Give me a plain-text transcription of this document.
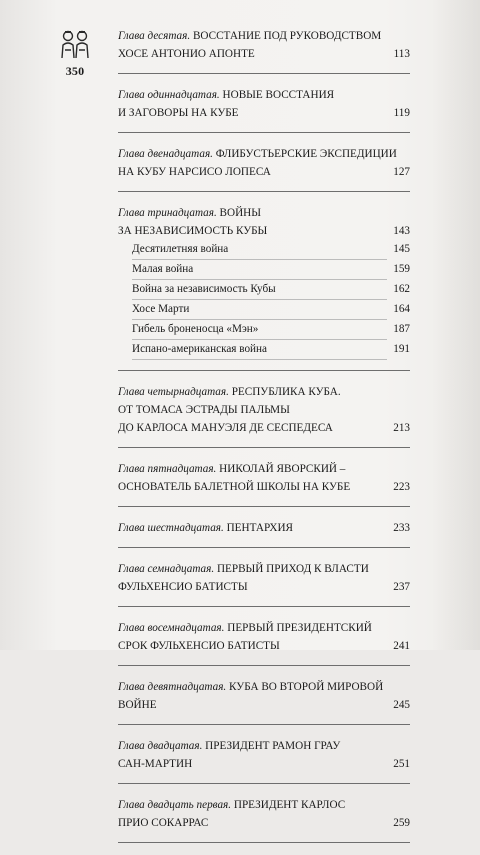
350
Глава десятая. ВОССТАНИЕ ПОД РУКОВОДСТВОМ
ХОСЕ АНТОНИО АПОНТЕ	113
Глава одиннадцатая. НОВЫЕ ВОССТАНИЯ
И ЗАГОВОРЫ НА КУБЕ	119
Глава двенадцатая. ФЛИБУСТЬЕРСКИЕ ЭКСПЕДИЦИИ
НА КУБУ НАРСИСО ЛОПЕСА	127
Глава тринадцатая. ВОЙНЫ
ЗА НЕЗАВИСИМОСТЬ КУБЫ	143
Десятилетняя война	145
Малая война	159
Война за независимость Кубы	162
Хосе Марти	164
Гибель броненосца «Мэн»	187
Испано-американская война	191
Глава четырнадцатая. РЕСПУБЛИКА КУБА.
ОТ ТОМАСА ЭСТРАДЫ ПАЛЬМЫ
ДО КАРЛОСА МАНУЭЛЯ ДЕ СЕСПЕДЕСА	213
Глава пятнадцатая. НИКОЛАЙ ЯВОРСКИЙ –
ОСНОВАТЕЛЬ БАЛЕТНОЙ ШКОЛЫ НА КУБЕ	223
Глава шестнадцатая. ПЕНТАРХИЯ	233
Глава семнадцатая. ПЕРВЫЙ ПРИХОД К ВЛАСТИ
ФУЛЬХЕНСИО БАТИСТЫ	237
Глава восемнадцатая. ПЕРВЫЙ ПРЕЗИДЕНТСКИЙ
СРОК ФУЛЬХЕНСИО БАТИСТЫ	241
Глава девятнадцатая. КУБА ВО ВТОРОЙ МИРОВОЙ
ВОЙНЕ	245
Глава двадцатая. ПРЕЗИДЕНТ РАМОН ГРАУ
САН-МАРТИН	251
Глава двадцать первая. ПРЕЗИДЕНТ КАРЛОС
ПРИО СОКАРРАС	259
